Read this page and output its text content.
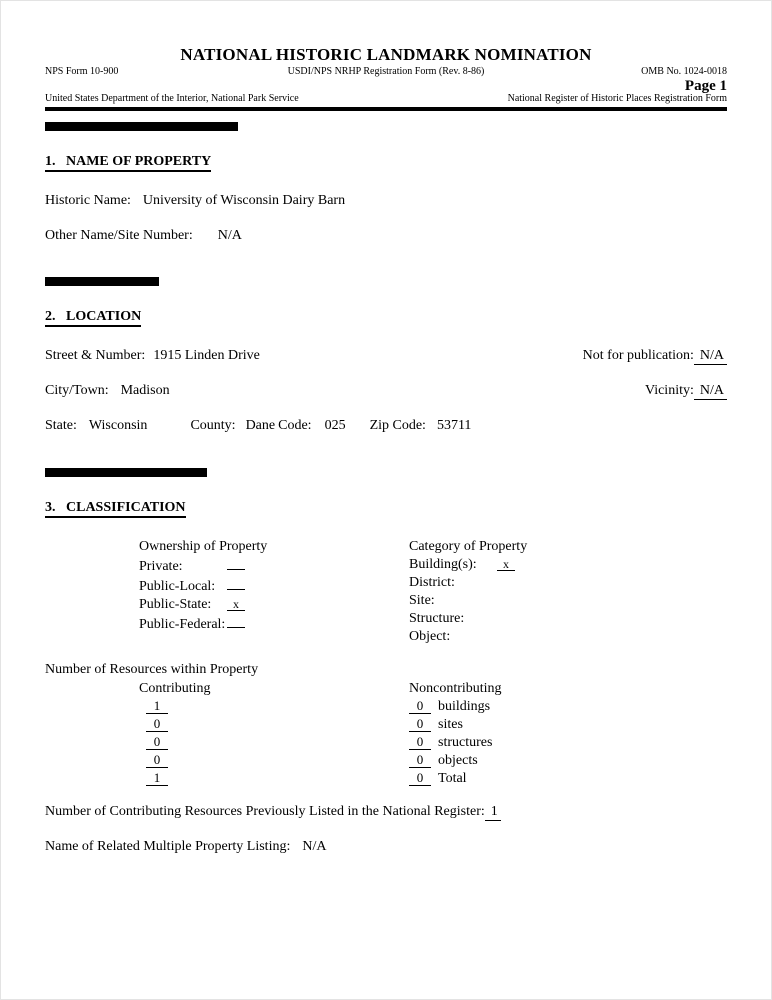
NATIONAL HISTORIC LANDMARK NOMINATION
NPS Form 10-900	USDI/NPS NRHP Registration Form (Rev. 8-86)	OMB No. 1024-0018
Page 1
United States Department of the Interior, National Park Service	National Register of Historic Places Registration Form

1.   NAME OF PROPERTY
Historic Name: University of Wisconsin Dairy Barn
Other Name/Site Number: N/A

2.   LOCATION
Street & Number: 1915 Linden Drive	Not for publication: N/A
City/Town: Madison	Vicinity: N/A
State: Wisconsin	County: Dane Code: 025 Zip Code: 53711

3.   CLASSIFICATION
Ownership of Property
Private:
Public-Local:
Public-State: x
Public-Federal:
Category of Property
Building(s): x
District:
Site:
Structure:
Object:
Number of Resources within Property
Contributing	Noncontributing
1	0 buildings
0	0 sites
0	0 structures
0	0 objects
1	0 Total
Number of Contributing Resources Previously Listed in the National Register: 1
Name of Related Multiple Property Listing: N/A
